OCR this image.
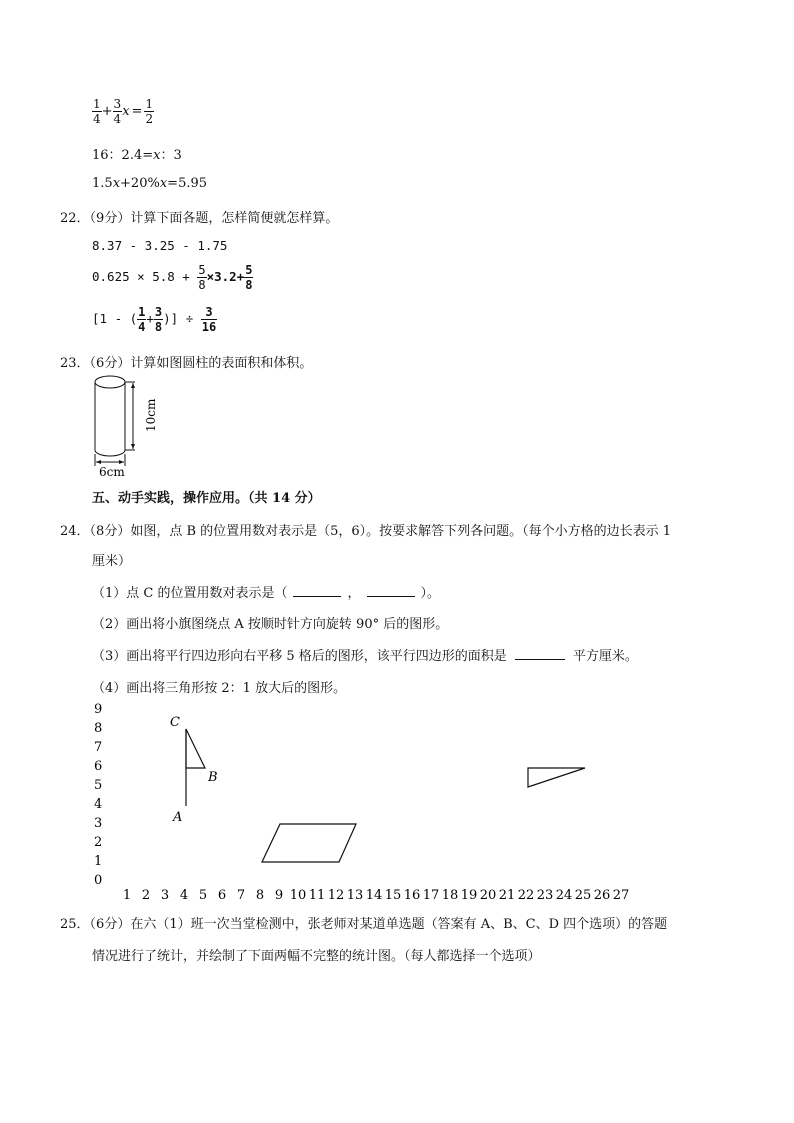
$\frac{1}{4} + \frac{3}{4}$ $x = \frac{1}{2}$
16：2.4=x：3
1.5x+20%x=5.95
22．（9分）计算下面各题，怎样简便就怎样算。
8.37 - 3.25 - 1.75
$0.625 \times 5.8 + \frac{5}{8} \times 3.2+ \frac{5}{8}$
[1 - ( $\frac{1}{4} + \frac{3}{8}$ )] ÷ $\frac{3}{16}$
23．（6分）计算如图圆柱的表面积和体积。
10cm
6cm
五、动手实践，操作应用。（共 14 分）
24．（8分）如图，点 B 的位置用数对表示是（5，6）。按要求解答下列各问题。（每个小方格的边长表示 1
厘米）
（1）点 C 的位置用数对表示是（	，	）。
（2）画出将小旗图绕点 A 按顺时针方向旋转 90° 后的图形。
（3）画出将平行四边形向右平移 5 格后的图形，该平行四边形的面积是	平方厘米。
（4）画出将三角形按 2：1 放大后的图形。
9
8
7
6
5
4
3
2
1
0
1 2 3 4 5 6 7 8 9 10 11 12 13 14 15 16 17 18 19 20 21 22 23 24 25 26 27
C
B
A
25．（6分）在六（1）班一次当堂检测中，张老师对某道单选题（答案有 A、B、C、D 四个选项）的答题
情况进行了统计，并绘制了下面两幅不完整的统计图。（每人都选择一个选项）
